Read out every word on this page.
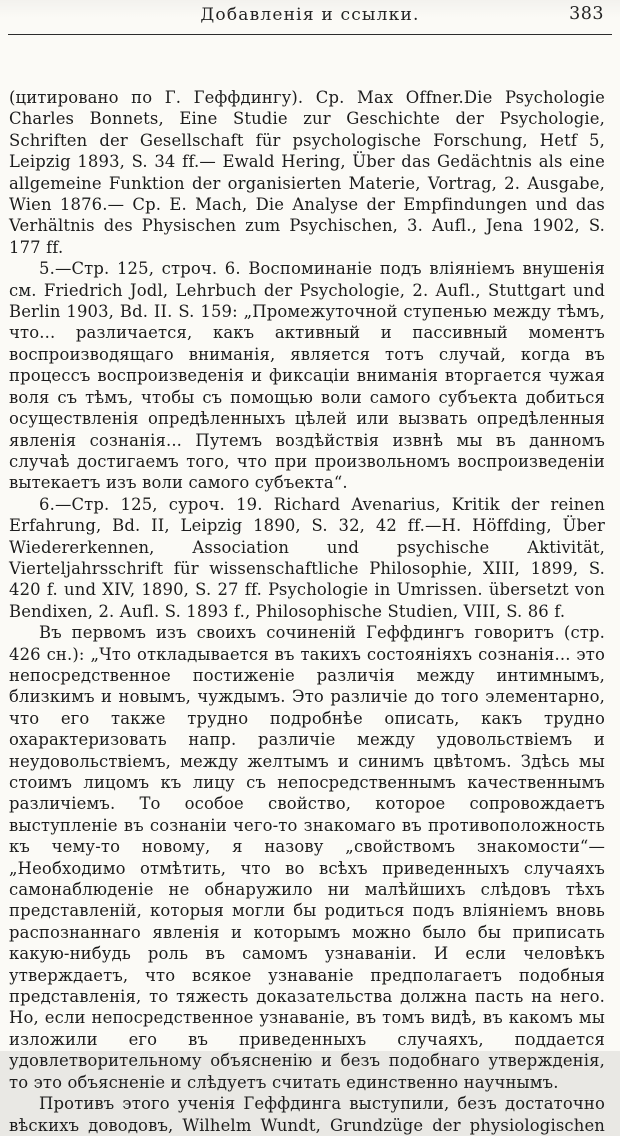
Добавленія и ссылки.	383

(цитировано по Г. Геффдингу). Ср. Max Offner.Die Psychologie Charles Bonnets, Eine Studie zur Geschichte der Psychologie, Schriften der Gesellschaft für psychologische Forschung, Hetf 5, Leipzig 1893, S. 34 ff.— Ewald Hering, Über das Gedächtnis als eine allgemeine Funktion der organisierten Materie, Vortrag, 2. Ausgabe, Wien 1876.— Ср. E. Mach, Die Analyse der Empfindungen und das Verhältnis des Physischen zum Psychischen, 3. Aufl., Jena 1902, S. 177 ff.

5.—Стр. 125, строч. 6. Воспоминаніе подъ вліяніемъ внушенія см. Friedrich Jodl, Lehrbuch der Psychologie, 2. Aufl., Stuttgart und Berlin 1903, Bd. II. S. 159: „Промежуточной ступенью между тѣмъ, что... различается, какъ активный и пассивный моментъ воспроизводящаго вниманія, является тотъ случай, когда въ процессъ воспроизведенія и фиксаціи вниманія вторгается чужая воля съ тѣмъ, чтобы съ помощью воли самого субъекта добиться осуществленія опредѣленныхъ цѣлей или вызвать опредѣленныя явленія сознанія... Путемъ воздѣйствія извнѣ мы въ данномъ случаѣ достигаемъ того, что при произвольномъ воспроизведеніи вытекаетъ изъ воли самого субъекта“.

6.—Стр. 125, суроч. 19. Richard Avenarius, Kritik der reinen Erfahrung, Bd. II, Leipzig 1890, S. 32, 42 ff.—H. Höffding, Über Wiedererkennen, Association und psychische Aktivität, Vierteljahrsschrift für wissenschaftliche Philosophie, XIII, 1899, S. 420 f. und XIV, 1890, S. 27 ff. Psychologie in Umrissen. übersetzt von Bendixen, 2. Aufl. S. 1893 f., Philosophische Studien, VIII, S. 86 f.

Въ первомъ изъ своихъ сочиненій Геффдингъ говоритъ (стр. 426 сн.): „Что откладывается въ такихъ состояніяхъ сознанія... это непосредственное постиженіе различія между интимнымъ, близкимъ и новымъ, чуждымъ. Это различіе до того элементарно, что его также трудно подробнѣе описать, какъ трудно охарактеризовать напр. различіе между удовольствіемъ и неудовольствіемъ, между желтымъ и синимъ цвѣтомъ. Здѣсь мы стоимъ лицомъ къ лицу съ непосредственнымъ качественнымъ различіемъ. То особое свойство, которое сопровождаетъ выступленіе въ сознаніи чего-то знакомаго въ противоположность къ чему-то новому, я назову „свойствомъ знакомости“—„Необходимо отмѣтить, что во всѣхъ приведенныхъ случаяхъ самонаблюденіе не обнаружило ни малѣйшихъ слѣдовъ тѣхъ представленій, которыя могли бы родиться подъ вліяніемъ вновь распознаннаго явленія и которымъ можно было бы приписать какую-нибудь роль въ самомъ узнаваніи. И если человѣкъ утверждаетъ, что всякое узнаваніе предполагаетъ подобныя представленія, то тяжесть доказательства должна пасть на него. Но, если непосредственное узнаваніе, въ томъ видѣ, въ какомъ мы изложили его въ приведенныхъ случаяхъ, поддается удовлетворительному объясненію и безъ подобнаго утвержденія, то это объясненіе и слѣдуетъ считать единственно научнымъ.

Противъ этого ученія Геффдинга выступили, безъ достаточно вѣскихъ доводовъ, Wilhelm Wundt, Grundzüge der physiologischen
